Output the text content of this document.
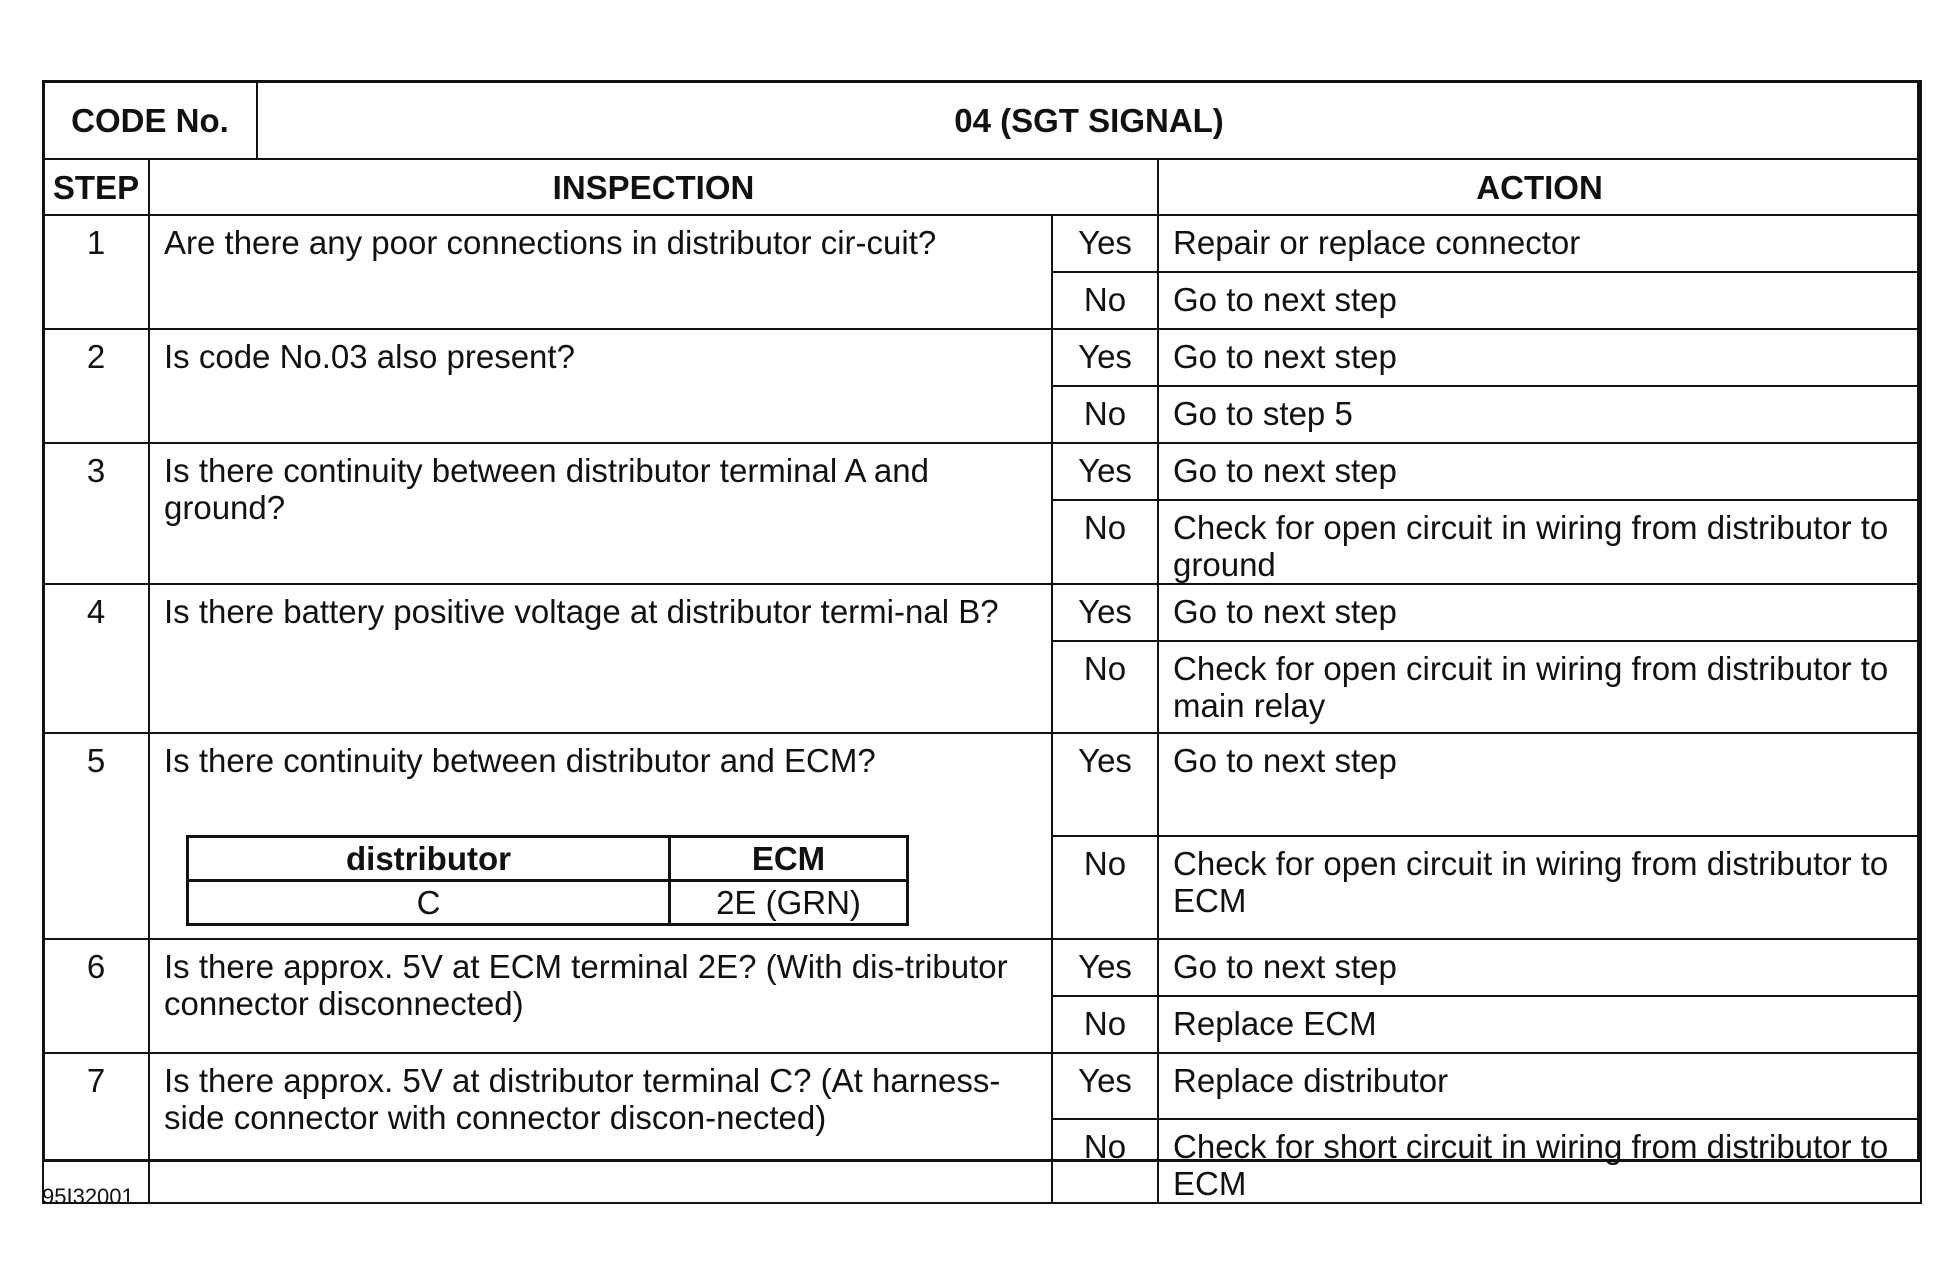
CODE No.	04 (SGT SIGNAL)
STEP	INSPECTION	ACTION
1	Are there any poor connections in distributor cir-cuit?	Yes	Repair or replace connector
No	Go to next step
2	Is code No.03 also present?	Yes	Go to next step
No	Go to step 5
3	Is there continuity between distributor terminal A and ground?	Yes	Go to next step
No	Check for open circuit in wiring from distributor to ground
4	Is there battery positive voltage at distributor termi-nal B?	Yes	Go to next step
No	Check for open circuit in wiring from distributor to main relay
5	Is there continuity between distributor and ECM?
distributor	ECM
C	2E (GRN)
	Yes	Go to next step
No	Check for open circuit in wiring from distributor to ECM
6	Is there approx. 5V at ECM terminal 2E? (With dis-tributor connector disconnected)	Yes	Go to next step
No	Replace ECM
7	Is there approx. 5V at distributor terminal C? (At harness-side connector with connector discon-nected)	Yes	Replace distributor
No	Check for short circuit in wiring from distributor to ECM
95I32001
